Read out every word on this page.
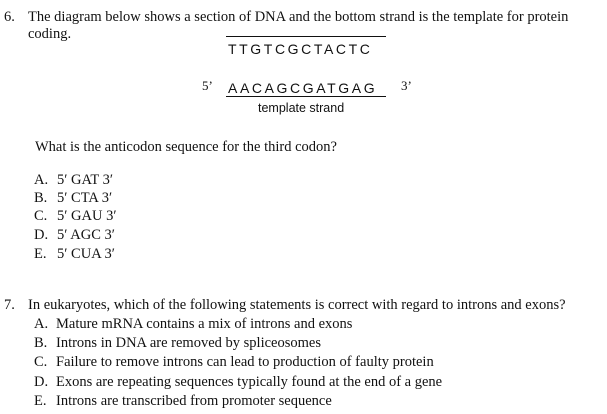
6. The diagram below shows a section of DNA and the bottom strand is the template for protein
coding.
TTGTCGCTACTC
5’ AACAGCGATGAG 3’
template strand
What is the anticodon sequence for the third codon?
A. 5′ GAT 3′
B. 5′ CTA 3′
C. 5′ GAU 3′
D. 5′ AGC 3′
E. 5′ CUA 3′
7. In eukaryotes, which of the following statements is correct with regard to introns and exons?
A. Mature mRNA contains a mix of introns and exons
B. Introns in DNA are removed by spliceosomes
C. Failure to remove introns can lead to production of faulty protein
D. Exons are repeating sequences typically found at the end of a gene
E. Introns are transcribed from promoter sequence
